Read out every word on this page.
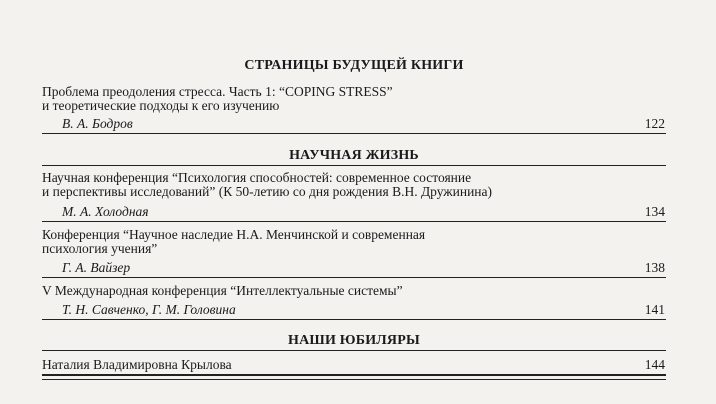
СТРАНИЦЫ БУДУЩЕЙ КНИГИ
Проблема преодоления стресса. Часть 1: “COPING STRESS”
и теоретические подходы к его изучению
В. А. Бодров	122
НАУЧНАЯ ЖИЗНЬ
Научная конференция “Психология способностей: современное состояние
и перспективы исследований” (К 50-летию со дня рождения В.Н. Дружинина)
М. А. Холодная	134
Конференция “Научное наследие Н.А. Менчинской и современная
психология учения”
Г. А. Вайзер	138
V Международная конференция “Интеллектуальные системы”
Т. Н. Савченко, Г. М. Головина	141
НАШИ ЮБИЛЯРЫ
Наталия Владимировна Крылова	144
